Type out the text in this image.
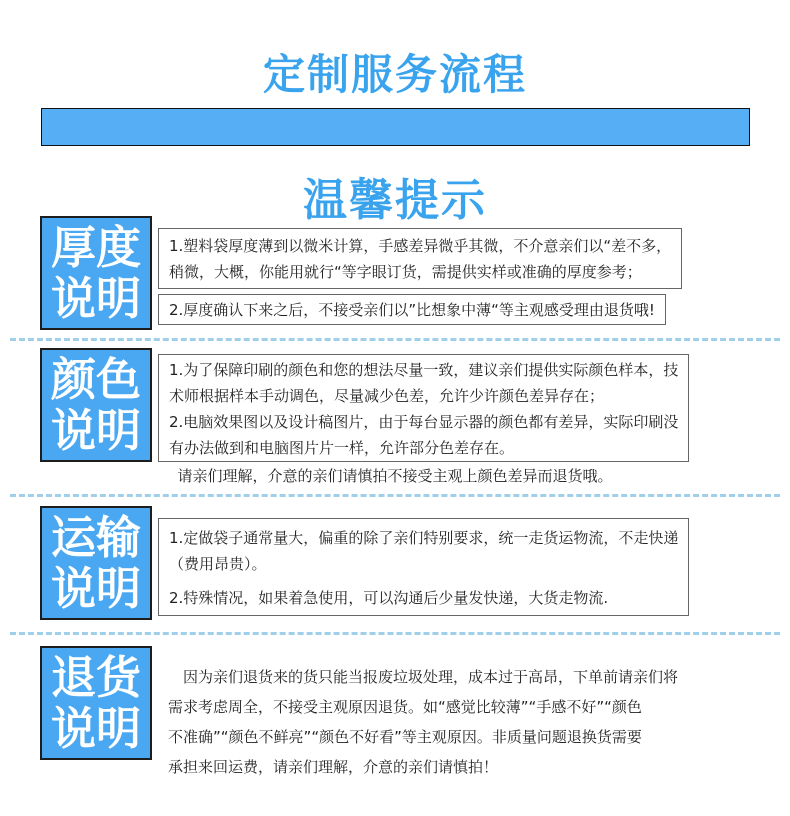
定制服务流程
温馨提示
厚度
说明

1.塑料袋厚度薄到以微米计算，手感差异微乎其微，不介意亲们以“差不多，

稍微，大概，你能用就行“等字眼订货，需提供实样或准确的厚度参考；

2.厚度确认下来之后，不接受亲们以”比想象中薄“等主观感受理由退货哦!

颜色
说明

1.为了保障印刷的颜色和您的想法尽量一致，建议亲们提供实际颜色样本，技

术师根据样本手动调色，尽量减少色差，允许少许颜色差异存在；

2.电脑效果图以及设计稿图片，由于每台显示器的颜色都有差异，实际印刷没

有办法做到和电脑图片片一样，允许部分色差存在。

请亲们理解，介意的亲们请慎拍不接受主观上颜色差异而退货哦。
运输
说明

1.定做袋子通常量大，偏重的除了亲们特别要求，统一走货运物流，不走快递

（费用昂贵）。

2.特殊情况，如果着急使用，可以沟通后少量发快递，大货走物流.

退货
说明

　因为亲们退货来的货只能当报废垃圾处理，成本过于高昂，下单前请亲们将

需求考虑周全，不接受主观原因退货。如“感觉比较薄”“手感不好”“颜色

不准确”“颜色不鲜亮”“颜色不好看”等主观原因。非质量问题退换货需要

承担来回运费，请亲们理解，介意的亲们请慎拍！
